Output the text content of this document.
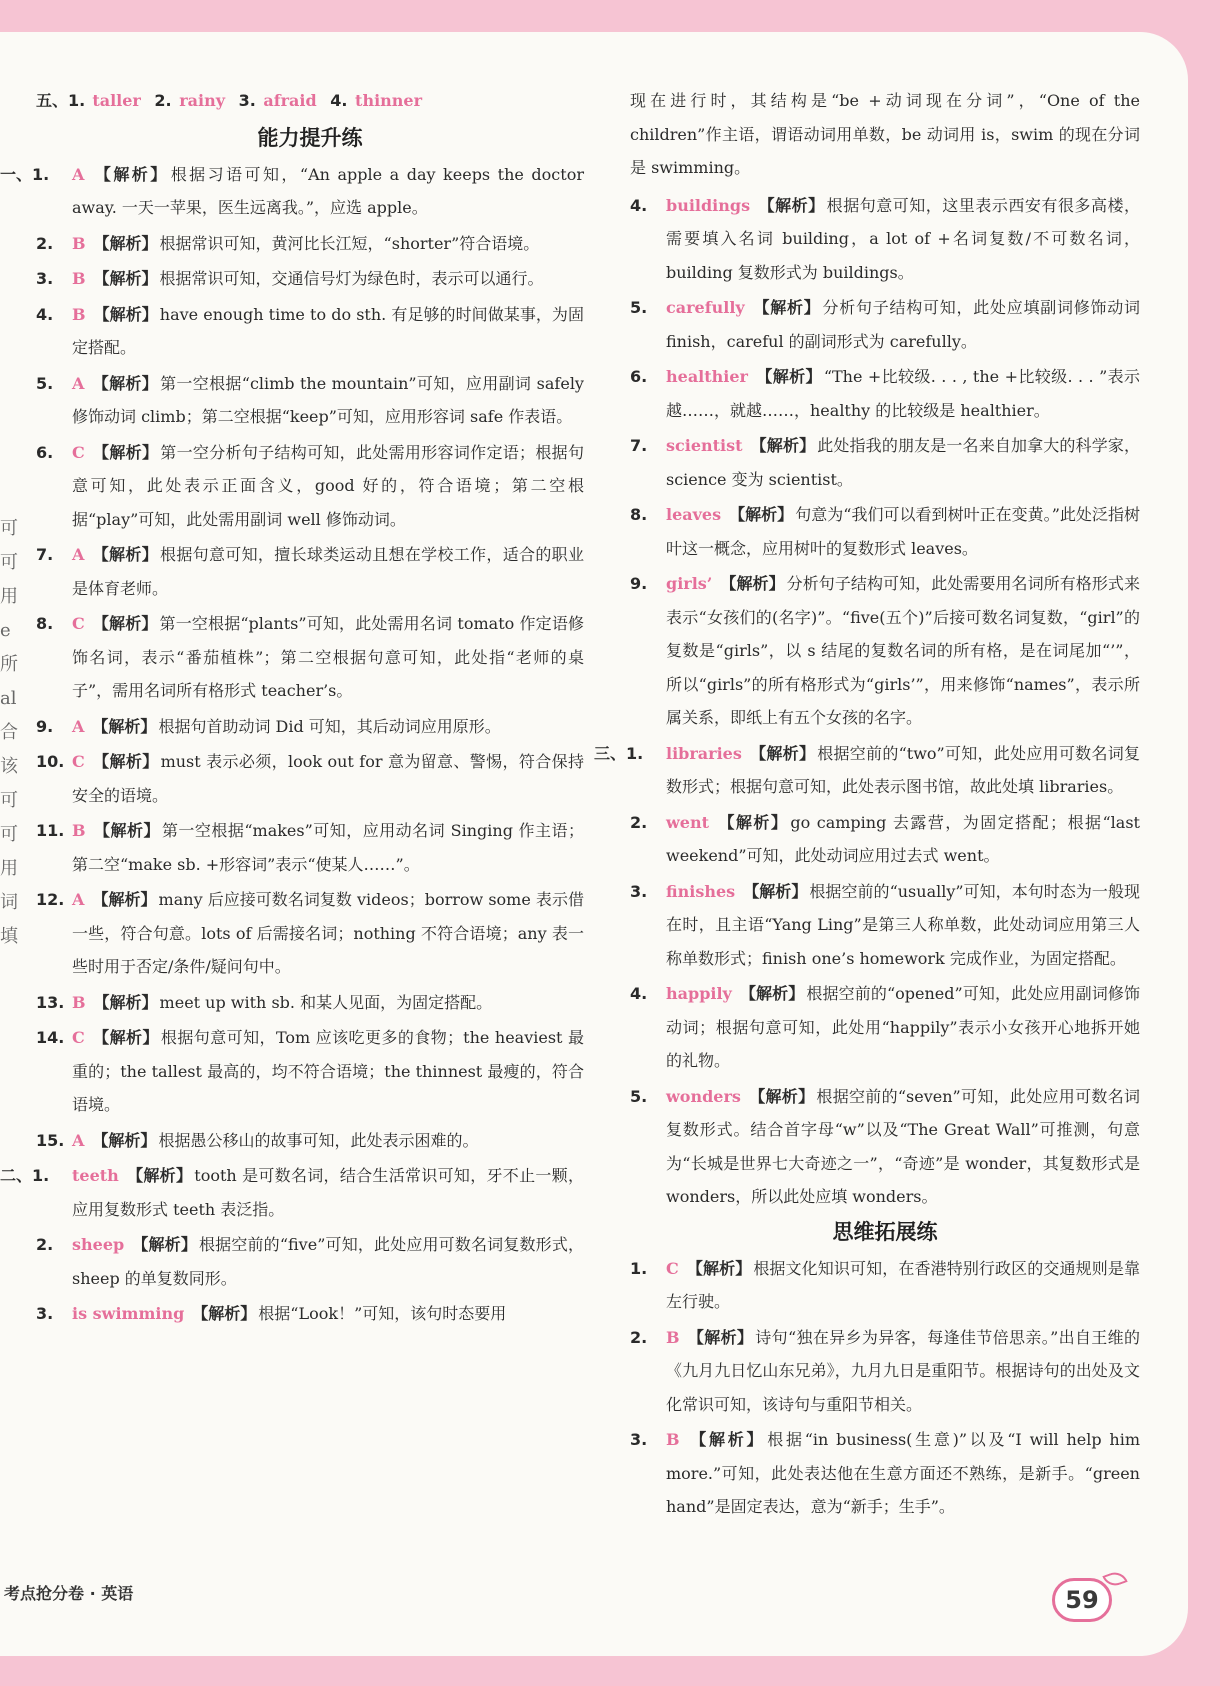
可
可
用
e
所
al
合
该
可
可
用
词
填
五、1. taller 2. rainy 3. afraid 4. thinner
能力提升练
一、1. A 【解析】 根据习语可知，“An apple a day keeps the doctor away. 一天一苹果，医生远离我。”，应选 apple。
2. B 【解析】 根据常识可知，黄河比长江短，“shorter”符合语境。
3. B 【解析】 根据常识可知，交通信号灯为绿色时，表示可以通行。
4. B 【解析】 have enough time to do sth. 有足够的时间做某事，为固定搭配。
5. A 【解析】 第一空根据“climb the mountain”可知，应用副词 safely 修饰动词 climb；第二空根据“keep”可知，应用形容词 safe 作表语。
6. C 【解析】 第一空分析句子结构可知，此处需用形容词作定语；根据句意可知，此处表示正面含义，good 好的，符合语境；第二空根据“play”可知，此处需用副词 well 修饰动词。
7. A 【解析】 根据句意可知，擅长球类运动且想在学校工作，适合的职业是体育老师。
8. C 【解析】 第一空根据“plants”可知，此处需用名词 tomato 作定语修饰名词，表示“番茄植株”；第二空根据句意可知，此处指“老师的桌子”，需用名词所有格形式 teacher’s。
9. A 【解析】 根据句首助动词 Did 可知，其后动词应用原形。
10. C 【解析】 must 表示必须，look out for 意为留意、警惕，符合保持安全的语境。
11. B 【解析】 第一空根据“makes”可知，应用动名词 Singing 作主语；第二空“make sb. +形容词”表示“使某人……”。
12. A 【解析】 many 后应接可数名词复数 videos；borrow some 表示借一些，符合句意。lots of 后需接名词；nothing 不符合语境；any 表一些时用于否定/条件/疑问句中。
13. B 【解析】 meet up with sb. 和某人见面，为固定搭配。
14. C 【解析】 根据句意可知，Tom 应该吃更多的食物；the heaviest 最重的；the tallest 最高的，均不符合语境；the thinnest 最瘦的，符合语境。
15. A 【解析】 根据愚公移山的故事可知，此处表示困难的。
二、1. teeth 【解析】 tooth 是可数名词，结合生活常识可知，牙不止一颗，应用复数形式 teeth 表泛指。
2. sheep 【解析】 根据空前的“five”可知，此处应用可数名词复数形式，sheep 的单复数同形。
3. is swimming 【解析】 根据“Look！”可知，该句时态要用
现在进行时，其结构是“be +动词现在分词”，“One of the children”作主语，谓语动词用单数，be 动词用 is，swim 的现在分词是 swimming。
4. buildings 【解析】 根据句意可知，这里表示西安有很多高楼，需要填入名词 building，a lot of +名词复数/不可数名词，building 复数形式为 buildings。
5. carefully 【解析】 分析句子结构可知，此处应填副词修饰动词 finish，careful 的副词形式为 carefully。
6. healthier 【解析】 “The +比较级. . . , the +比较级. . . ”表示越……，就越……，healthy 的比较级是 healthier。
7. scientist 【解析】 此处指我的朋友是一名来自加拿大的科学家，science 变为 scientist。
8. leaves 【解析】 句意为“我们可以看到树叶正在变黄。”此处泛指树叶这一概念，应用树叶的复数形式 leaves。
9. girls’ 【解析】 分析句子结构可知，此处需要用名词所有格形式来表示“女孩们的(名字)”。“five(五个)”后接可数名词复数，“girl”的复数是“girls”，以 s 结尾的复数名词的所有格，是在词尾加“’”，所以“girls”的所有格形式为“girls’”，用来修饰“names”，表示所属关系，即纸上有五个女孩的名字。
三、1. libraries 【解析】 根据空前的“two”可知，此处应用可数名词复数形式；根据句意可知，此处表示图书馆，故此处填 libraries。
2. went 【解析】 go camping 去露营，为固定搭配；根据“last weekend”可知，此处动词应用过去式 went。
3. finishes 【解析】 根据空前的“usually”可知，本句时态为一般现在时，且主语“Yang Ling”是第三人称单数，此处动词应用第三人称单数形式；finish one’s homework 完成作业，为固定搭配。
4. happily 【解析】 根据空前的“opened”可知，此处应用副词修饰动词；根据句意可知，此处用“happily”表示小女孩开心地拆开她的礼物。
5. wonders 【解析】 根据空前的“seven”可知，此处应用可数名词复数形式。结合首字母“w”以及“The Great Wall”可推测，句意为“长城是世界七大奇迹之一”，“奇迹”是 wonder，其复数形式是 wonders，所以此处应填 wonders。
思维拓展练
1. C 【解析】 根据文化知识可知，在香港特别行政区的交通规则是靠左行驶。
2. B 【解析】 诗句“独在异乡为异客，每逢佳节倍思亲。”出自王维的《九月九日忆山东兄弟》，九月九日是重阳节。根据诗句的出处及文化常识可知，该诗句与重阳节相关。
3. B 【解析】 根据“in business(生意)”以及“I will help him more.”可知，此处表达他在生意方面还不熟练，是新手。“green hand”是固定表达，意为“新手；生手”。
考点抢分卷 · 英语	59
